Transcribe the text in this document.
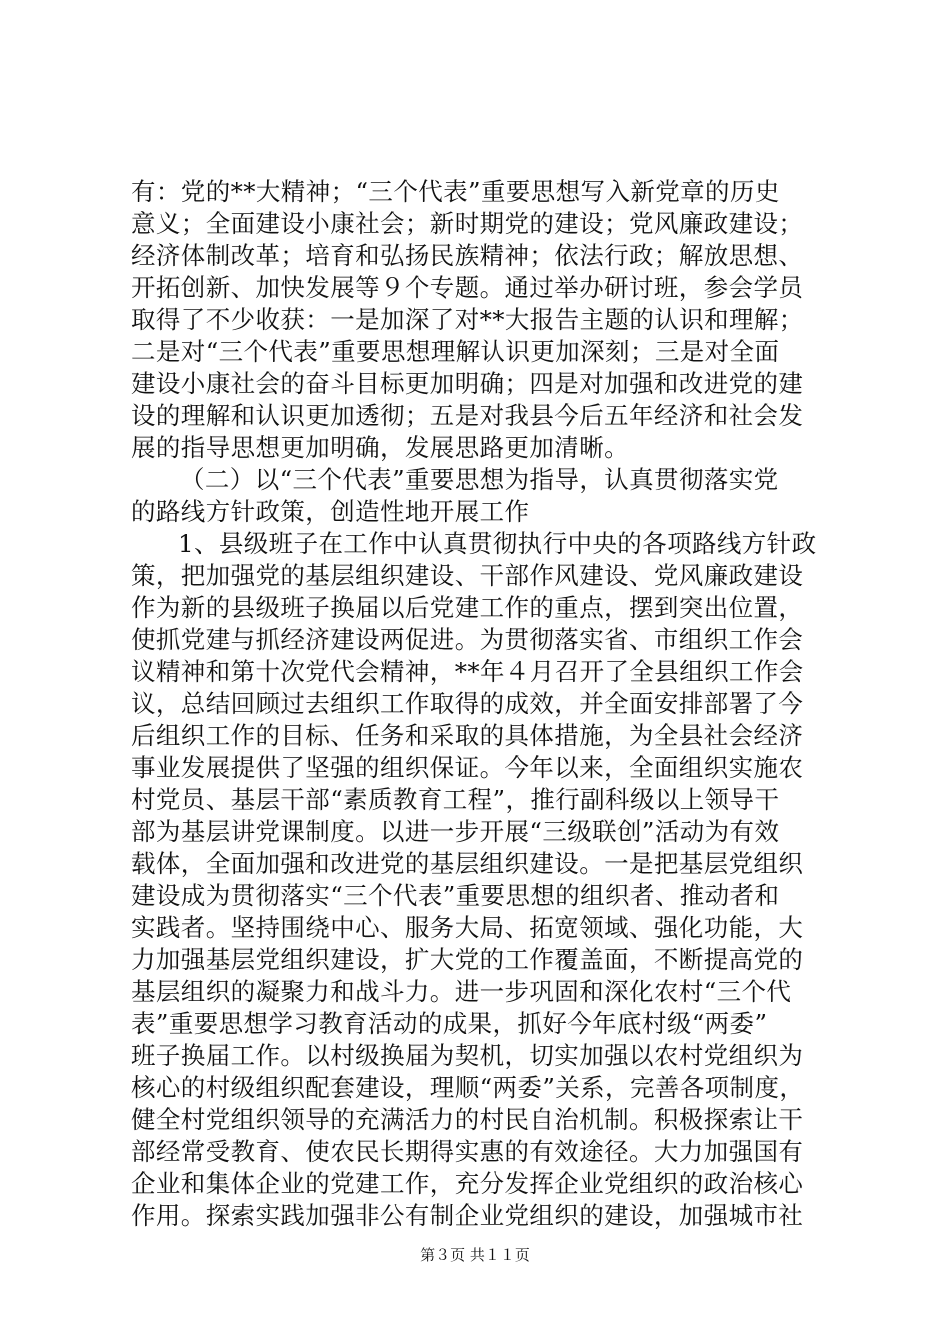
有：党的**大精神；“三个代表”重要思想写入新党章的历史
意义；全面建设小康社会；新时期党的建设；党风廉政建设；
经济体制改革；培育和弘扬民族精神；依法行政；解放思想、
开拓创新、加快发展等９个专题。通过举办研讨班，参会学员
取得了不少收获：一是加深了对**大报告主题的认识和理解；
二是对“三个代表”重要思想理解认识更加深刻；三是对全面
建设小康社会的奋斗目标更加明确；四是对加强和改进党的建
设的理解和认识更加透彻；五是对我县今后五年经济和社会发
展的指导思想更加明确，发展思路更加清晰。
（二）以“三个代表”重要思想为指导，认真贯彻落实党
的路线方针政策，创造性地开展工作
1、县级班子在工作中认真贯彻执行中央的各项路线方针政
策，把加强党的基层组织建设、干部作风建设、党风廉政建设
作为新的县级班子换届以后党建工作的重点，摆到突出位置，
使抓党建与抓经济建设两促进。为贯彻落实省、市组织工作会
议精神和第十次党代会精神，**年４月召开了全县组织工作会
议，总结回顾过去组织工作取得的成效，并全面安排部署了今
后组织工作的目标、任务和采取的具体措施，为全县社会经济
事业发展提供了坚强的组织保证。今年以来，全面组织实施农
村党员、基层干部“素质教育工程”，推行副科级以上领导干
部为基层讲党课制度。以进一步开展“三级联创”活动为有效
载体，全面加强和改进党的基层组织建设。一是把基层党组织
建设成为贯彻落实“三个代表”重要思想的组织者、推动者和
实践者。坚持围绕中心、服务大局、拓宽领域、强化功能，大
力加强基层党组织建设，扩大党的工作覆盖面，不断提高党的
基层组织的凝聚力和战斗力。进一步巩固和深化农村“三个代
表”重要思想学习教育活动的成果，抓好今年底村级“两委”
班子换届工作。以村级换届为契机，切实加强以农村党组织为
核心的村级组织配套建设，理顺“两委”关系，完善各项制度，
健全村党组织领导的充满活力的村民自治机制。积极探索让干
部经常受教育、使农民长期得实惠的有效途径。大力加强国有
企业和集体企业的党建工作，充分发挥企业党组织的政治核心
作用。探索实践加强非公有制企业党组织的建设，加强城市社
第３页 共１１页
